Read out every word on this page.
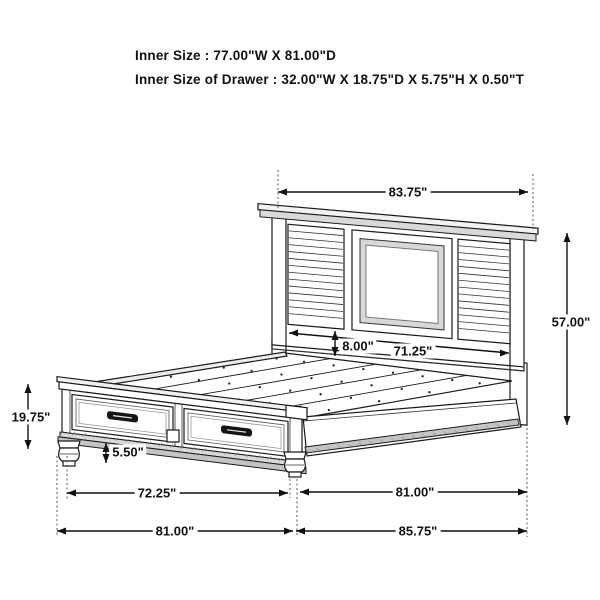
Inner Size : 77.00"W X 81.00"D
Inner Size of Drawer : 32.00"W X 18.75"D X 5.75"H X 0.50"T
83.75"
57.00"
8.00" 71.25"
19.75"
5.50"
72.25"	81.00"
81.00"	85.75"
